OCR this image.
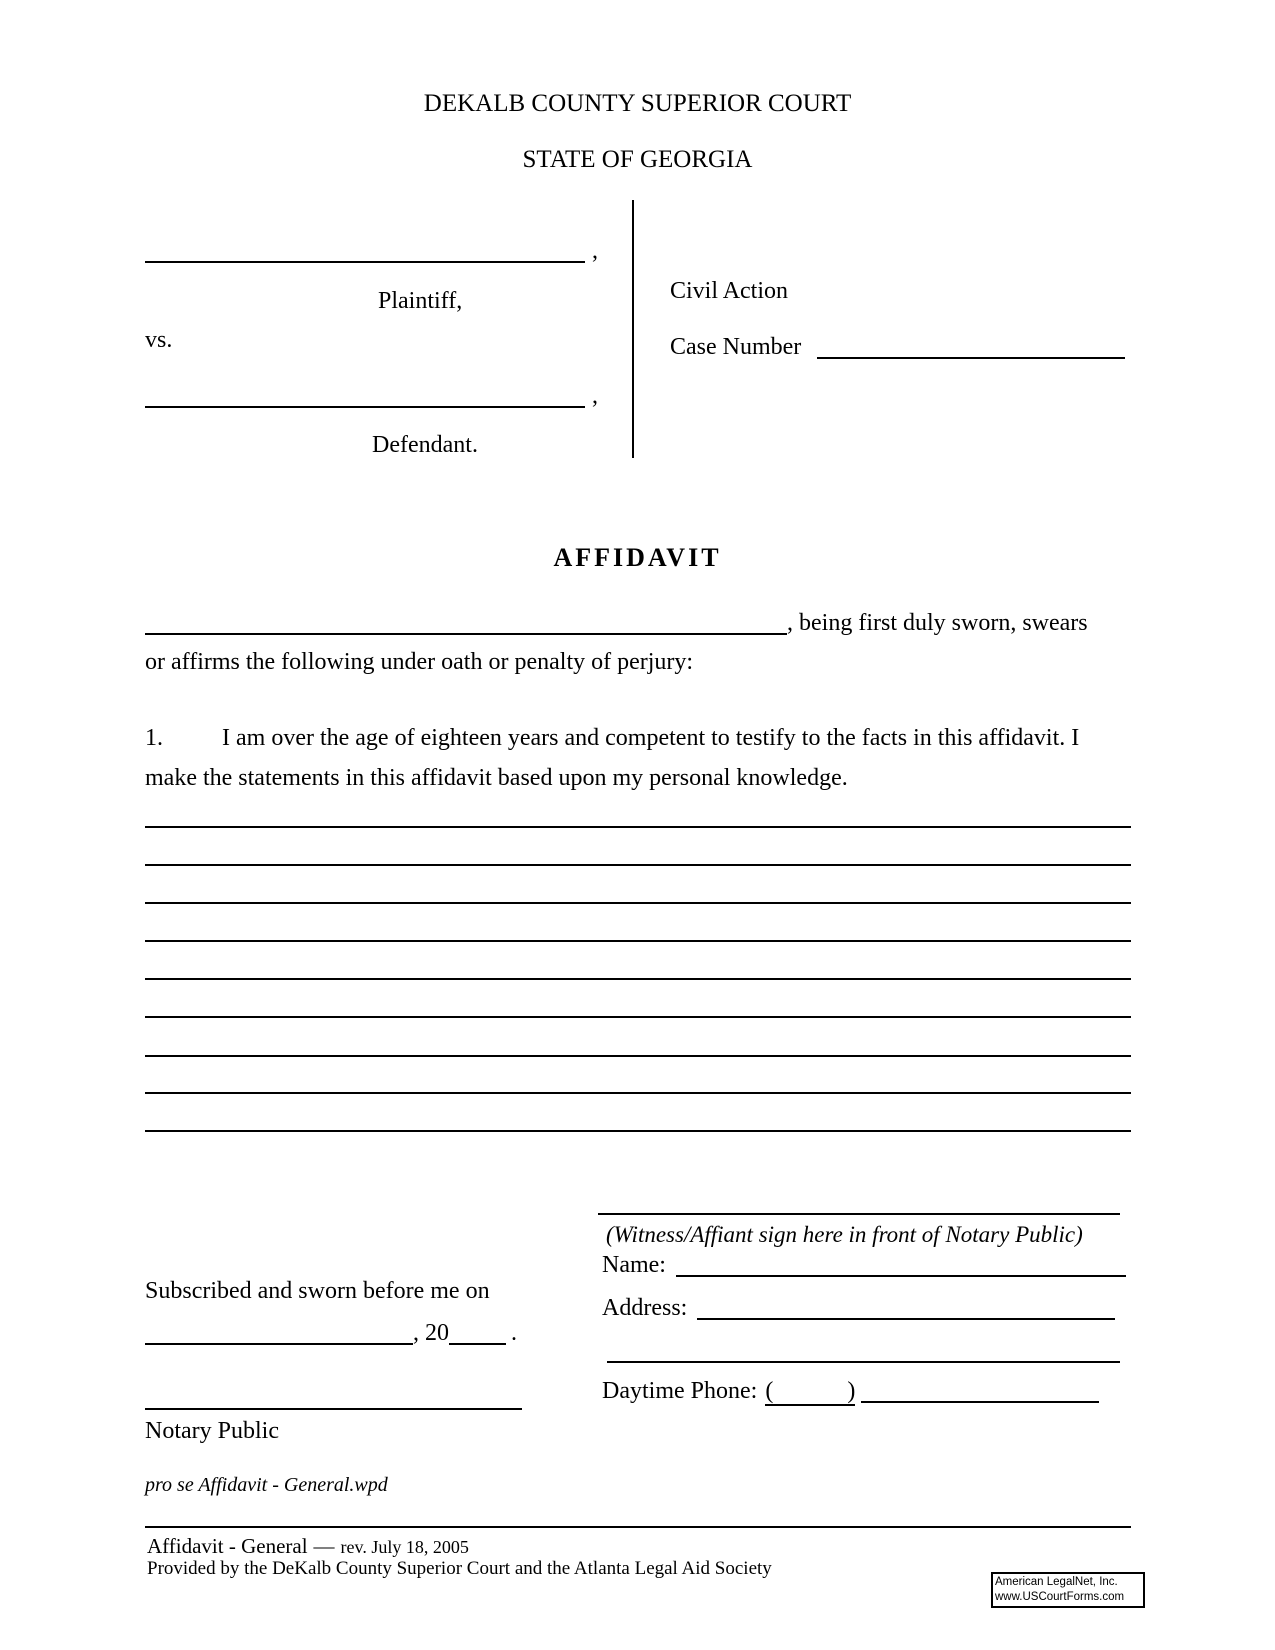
DEKALB COUNTY SUPERIOR COURT
STATE OF GEORGIA
,
Plaintiff,
vs.
,
Defendant.
Civil Action
Case Number
AFFIDAVIT
, being first duly sworn, swears
or affirms the following under oath or penalty of perjury:
1. I am over the age of eighteen years and competent to testify to the facts in this affidavit. I
make the statements in this affidavit based upon my personal knowledge.
(Witness/Affiant sign here in front of Notary Public)
Name:
Address:
Daytime Phone: (	)
Subscribed and sworn before me on
, 20	.
Notary Public
pro se Affidavit - General.wpd
Affidavit - General — rev. July 18, 2005
Provided by the DeKalb County Superior Court and the Atlanta Legal Aid Society
American LegalNet, Inc.
www.USCourtForms.com
